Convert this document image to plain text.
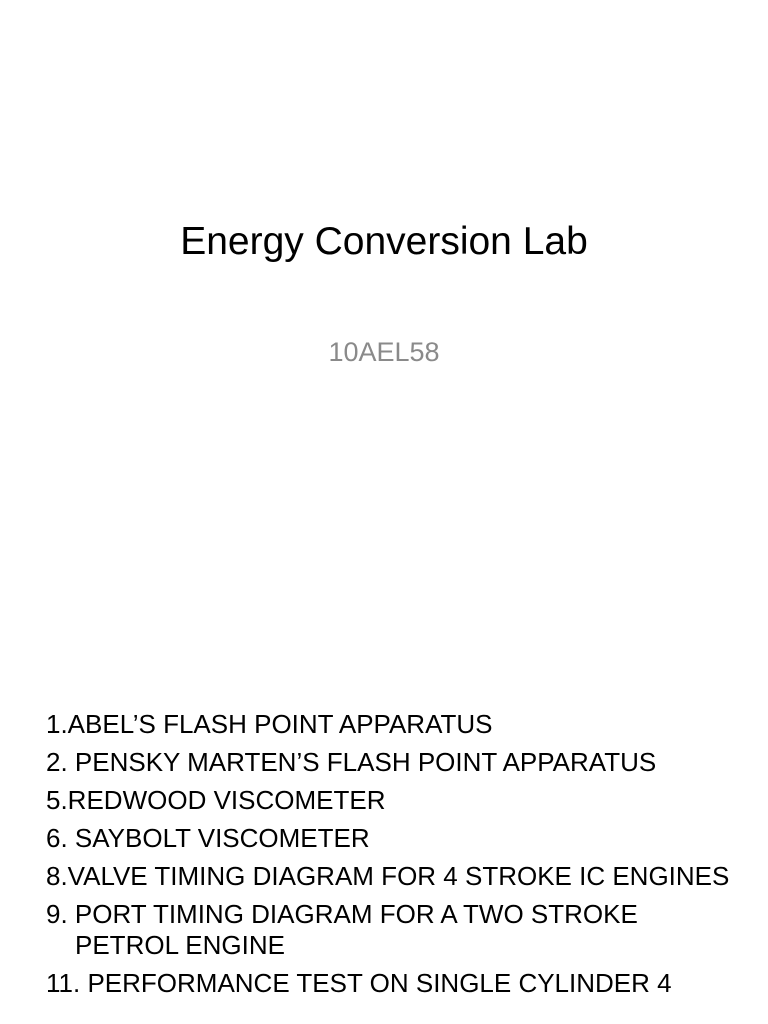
Energy Conversion Lab
10AEL58
1.ABEL’S FLASH POINT APPARATUS
2. PENSKY MARTEN’S FLASH POINT APPARATUS
5.REDWOOD VISCOMETER
6. SAYBOLT VISCOMETER
8.VALVE TIMING DIAGRAM FOR 4 STROKE IC ENGINES
9. PORT TIMING DIAGRAM FOR A TWO STROKE PETROL ENGINE
11. PERFORMANCE TEST ON SINGLE CYLINDER 4
